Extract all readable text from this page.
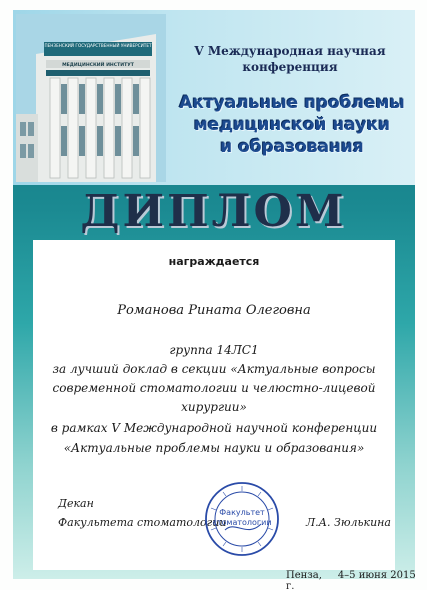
ПЕНЗЕНСКИЙ ГОСУДАРСТВЕННЫЙ УНИВЕРСИТЕТ
МЕДИЦИНСКИЙ ИНСТИТУТ
V Международная научная
конференция
Актуальные проблемы
медицинской науки
и образования
ДИПЛОМ
награждается
Романова Рината Олеговна
группа 14ЛС1
за лучший доклад в секции «Актуальные вопросы
современной стоматологии и челюстно-лицевой
хирургии»
в рамках V Международной научной конференции
«Актуальные проблемы науки и образования»
Декан
Факультета стоматологии	Л.А. Зюлькина
Факультет
стоматологии
Пенза, 4–5 июня 2015 г.
